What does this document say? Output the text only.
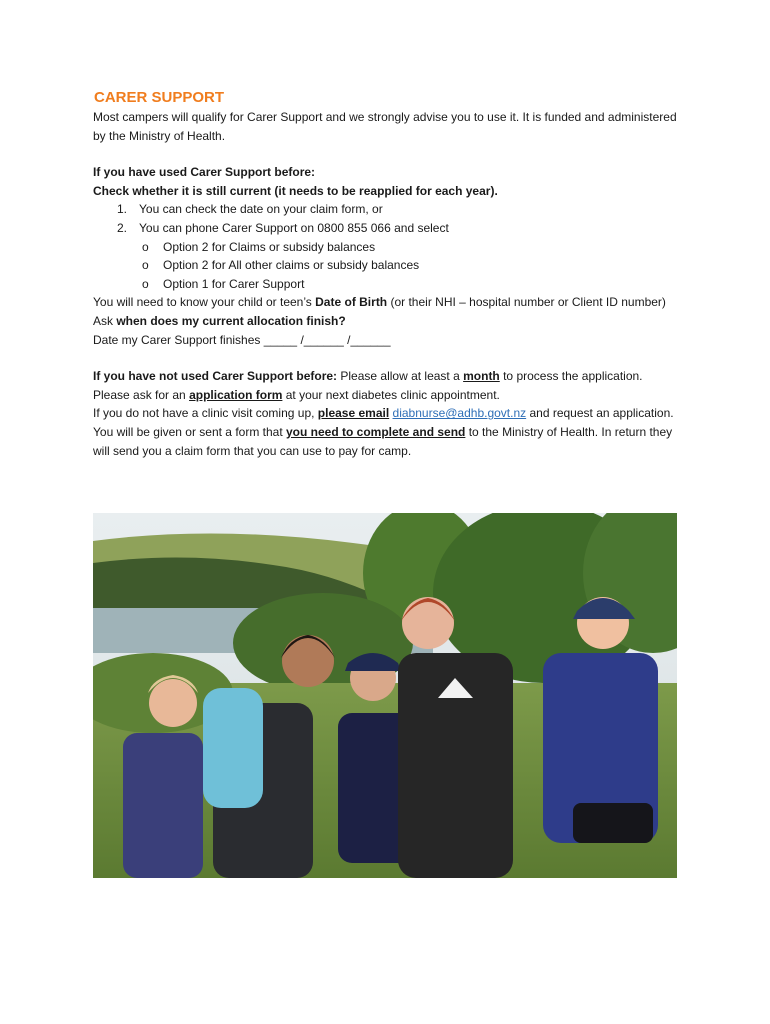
CARER SUPPORT

Most campers will qualify for Carer Support and we strongly advise you to use it. It is funded and administered by the Ministry of Health.

If you have used Carer Support before:

Check whether it is still current (it needs to be reapplied for each year).

1. You can check the date on your claim form, or
2. You can phone Carer Support on 0800 855 066 and select
o Option 2 for Claims or subsidy balances
o Option 2 for All other claims or subsidy balances
o Option 1 for Carer Support

You will need to know your child or teen’s Date of Birth (or their NHI – hospital number or Client ID number)

Ask when does my current allocation finish?

Date my Carer Support finishes _____ /______ /______

If you have not used Carer Support before: Please allow at least a month to process the application.

Please ask for an application form at your next diabetes clinic appointment.

If you do not have a clinic visit coming up, please email diabnurse@adhb.govt.nz and request an application.

You will be given or sent a form that you need to complete and send to the Ministry of Health. In return they will send you a claim form that you can use to pay for camp.
